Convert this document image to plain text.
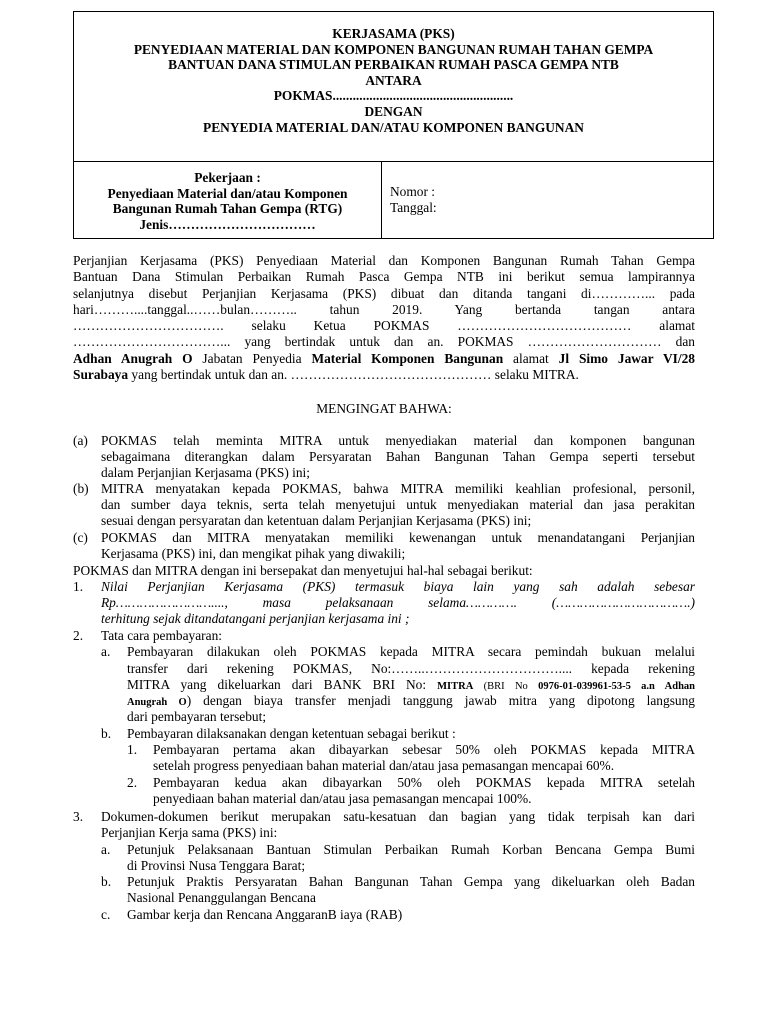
KERJASAMA (PKS)
PENYEDIAAN MATERIAL DAN KOMPONEN BANGUNAN RUMAH TAHAN GEMPA
BANTUAN DANA STIMULAN PERBAIKAN RUMAH PASCA GEMPA NTB
ANTARA
POKMAS......................................................
DENGAN
PENYEDIA MATERIAL DAN/ATAU KOMPONEN BANGUNAN
Pekerjaan :
Penyediaan Material dan/atau Komponen
Bangunan Rumah Tahan Gempa (RTG)
Jenis……………………………
Nomor :
Tanggal:
Perjanjian Kerjasama (PKS) Penyediaan Material dan Komponen Bangunan Rumah Tahan Gempa
Bantuan Dana Stimulan Perbaikan Rumah Pasca Gempa NTB ini berikut semua lampirannya
selanjutnya disebut Perjanjian Kerjasama (PKS) dibuat dan ditanda tangani di…………... pada
hari………....tanggal..……bulan……….. tahun 2019. Yang bertanda tangan antara
……………………………. selaku Ketua POKMAS ………………………………… alamat
……………………………... yang bertindak untuk dan an. POKMAS ………………………… dan
Adhan Anugrah O Jabatan Penyedia Material Komponen Bangunan alamat Jl Simo Jawar VI/28
Surabaya yang bertindak untuk dan an. ……………………………………… selaku MITRA.
MENGINGAT BAHWA:
(a) POKMAS telah meminta MITRA untuk menyediakan material dan komponen bangunan
sebagaimana diterangkan dalam Persyaratan Bahan Bangunan Tahan Gempa seperti tersebut
dalam Perjanjian Kerjasama (PKS) ini;
(b) MITRA menyatakan kepada POKMAS, bahwa MITRA memiliki keahlian profesional, personil,
dan sumber daya teknis, serta telah menyetujui untuk menyediakan material dan jasa perakitan
sesuai dengan persyaratan dan ketentuan dalam Perjanjian Kerjasama (PKS) ini;
(c) POKMAS dan MITRA menyatakan memiliki kewenangan untuk menandatangani Perjanjian
Kerjasama (PKS) ini, dan mengikat pihak yang diwakili;
POKMAS dan MITRA dengan ini bersepakat dan menyetujui hal-hal sebagai berikut:
1. Nilai Perjanjian Kerjasama (PKS) termasuk biaya lain yang sah adalah sebesar
Rp……………………...., masa pelaksanaan selama…………. (…………………………….)
terhitung sejak ditandatangani perjanjian kerjasama ini ;
2. Tata cara pembayaran:
a. Pembayaran dilakukan oleh POKMAS kepada MITRA secara pemindah bukuan melalui
transfer dari rekening POKMAS, No:……..………………………….... kepada rekening
MITRA yang dikeluarkan dari BANK BRI No: MITRA (BRI No 0976-01-039961-53-5 a.n Adhan
Anugrah O) dengan biaya transfer menjadi tanggung jawab mitra yang dipotong langsung
dari pembayaran tersebut;
b. Pembayaran dilaksanakan dengan ketentuan sebagai berikut :
1. Pembayaran pertama akan dibayarkan sebesar 50% oleh POKMAS kepada MITRA
setelah progress penyediaan bahan material dan/atau jasa pemasangan mencapai 60%.
2. Pembayaran kedua akan dibayarkan 50% oleh POKMAS kepada MITRA setelah
penyediaan bahan material dan/atau jasa pemasangan mencapai 100%.
3. Dokumen-dokumen berikut merupakan satu-kesatuan dan bagian yang tidak terpisah kan dari
Perjanjian Kerja sama (PKS) ini:
a. Petunjuk Pelaksanaan Bantuan Stimulan Perbaikan Rumah Korban Bencana Gempa Bumi
di Provinsi Nusa Tenggara Barat;
b. Petunjuk Praktis Persyaratan Bahan Bangunan Tahan Gempa yang dikeluarkan oleh Badan
Nasional Penanggulangan Bencana
c. Gambar kerja dan Rencana AnggaranB iaya (RAB)
